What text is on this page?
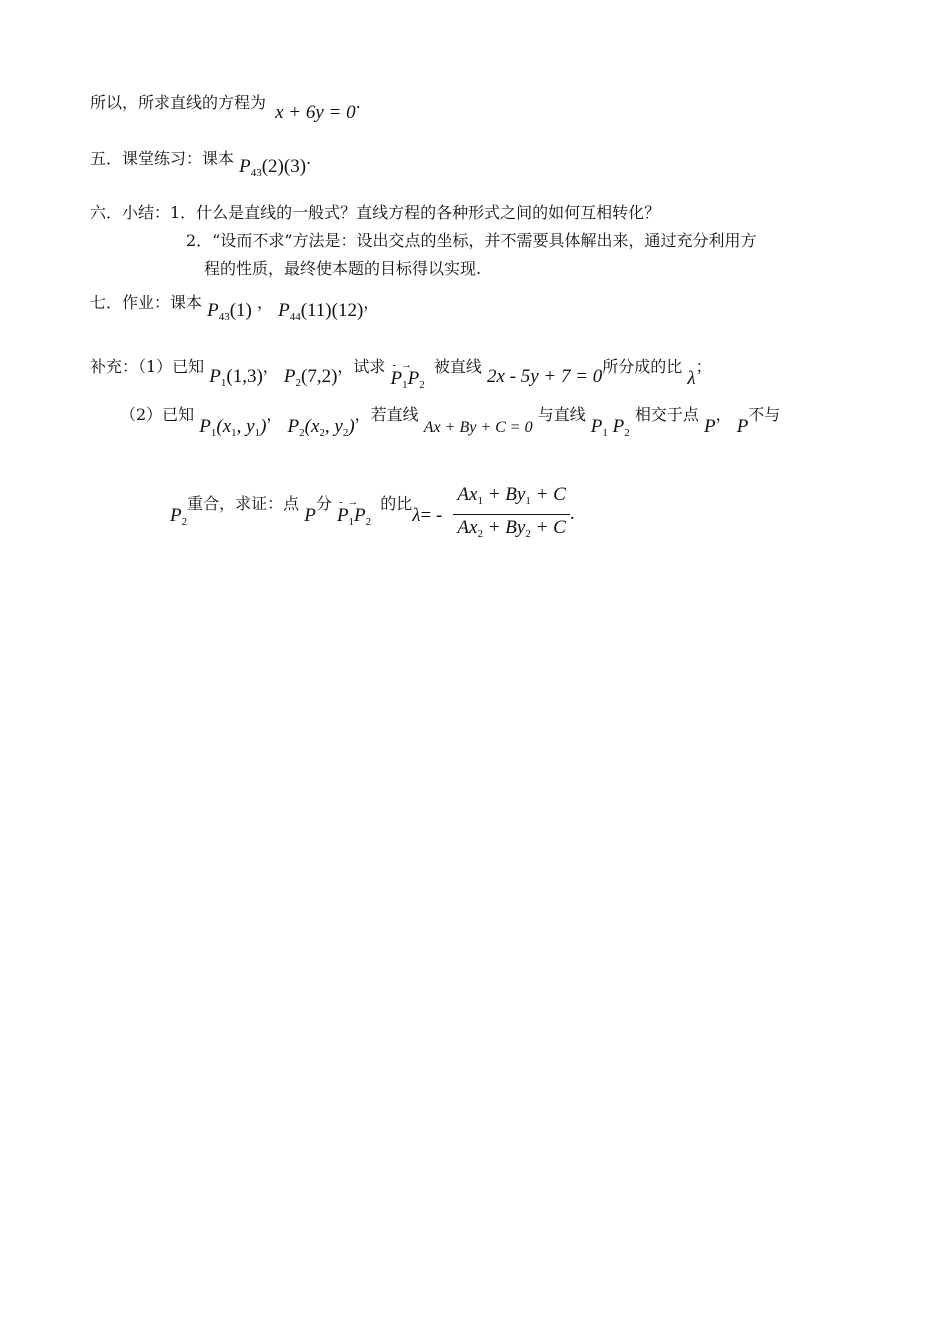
所以，所求直线的方程为 x + 6y = 0.
五．课堂练习：课本 $P_{43}(2)(3)$.
六．小结：1．什么是直线的一般式？直线方程的各种形式之间的如何互相转化？
2．“设而不求”方法是：设出交点的坐标，并不需要具体解出来，通过充分利用方
程的性质，最终使本题的目标得以实现.
七．作业：课本 $P_{43}(1)$ ， $P_{44}(11)(12)$，
补充：（1）已知 $P_1(1,3)$， $P_2(7,2)$，试求 - →
$P_1P_2$ 被直线 2x - 5y + 7 = 0所分成的比 λ；
（2）已知 $P_1(x_1$, $y_1$)， $P_2(x_2$, $y_2$)，若直线 Ax + By + C = 0 与直线 $P_1$ $P_2$ 相交于点 P， P不与
$P_2$重合，求证：点 P分 - →
$P_1P_2$ 的比$\lambda= - \frac{Ax_1 + By_1 + C}{Ax_2 + By_2 + C}$ .
